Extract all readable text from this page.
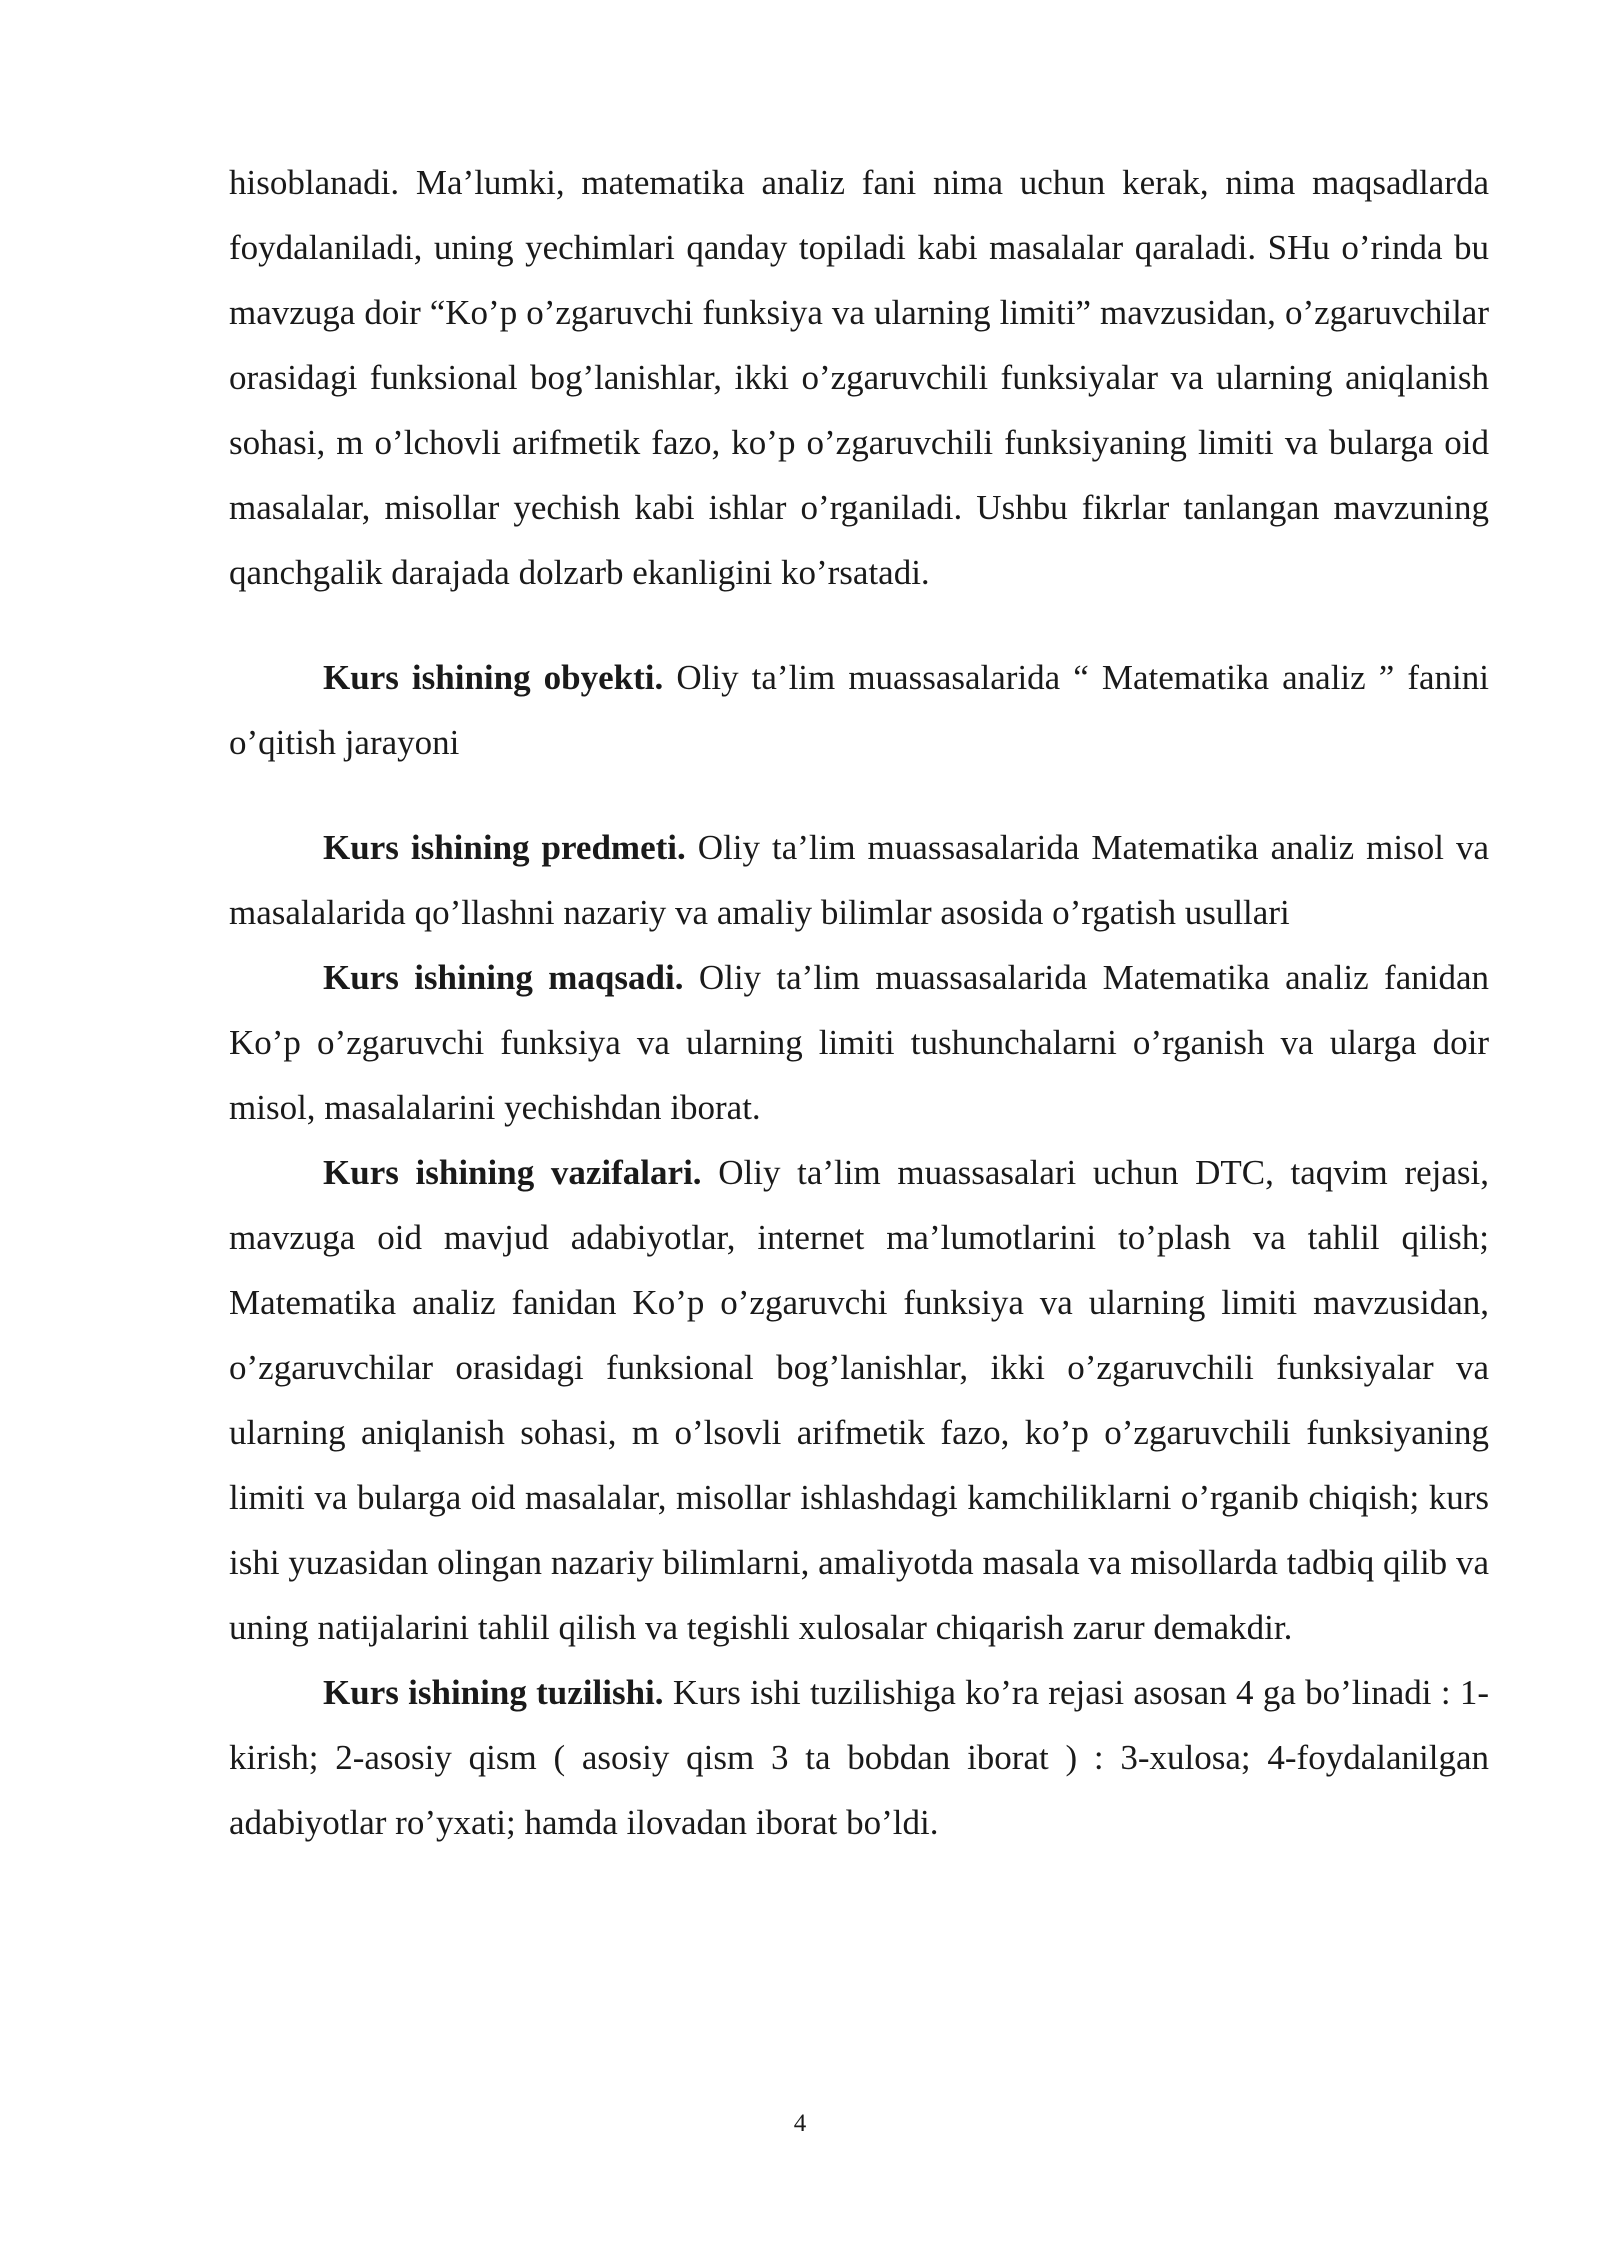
hisoblanadi. Ma’lumki, matematika analiz fani nima uchun kerak, nima maqsadlarda foydalaniladi, uning yechimlari qanday topiladi kabi masalalar qaraladi. SHu o’rinda bu mavzuga doir “Ko’p o’zgaruvchi funksiya va ularning limiti” mavzusidan, o’zgaruvchilar orasidagi funksional bog’lanishlar, ikki o’zgaruvchili funksiyalar va ularning aniqlanish sohasi, m o’lchovli arifmetik fazo, ko’p o’zgaruvchili funksiyaning limiti va bularga oid masalalar, misollar yechish kabi ishlar o’rganiladi. Ushbu fikrlar tanlangan mavzuning qanchgalik darajada dolzarb ekanligini ko’rsatadi.

Kurs ishining obyekti. Oliy ta’lim muassasalarida “ Matematika analiz ” fanini o’qitish jarayoni

Kurs ishining predmeti. Oliy ta’lim muassasalarida Matematika analiz misol va masalalarida qo’llashni nazariy va amaliy bilimlar asosida o’rgatish usullari

Kurs ishining maqsadi. Oliy ta’lim muassasalarida Matematika analiz fanidan Ko’p o’zgaruvchi funksiya va ularning limiti tushunchalarni o’rganish va ularga doir misol, masalalarini yechishdan iborat.

Kurs ishining vazifalari. Oliy ta’lim muassasalari uchun DTC, taqvim rejasi, mavzuga oid mavjud adabiyotlar, internet ma’lumotlarini to’plash va tahlil qilish; Matematika analiz fanidan Ko’p o’zgaruvchi funksiya va ularning limiti mavzusidan, o’zgaruvchilar orasidagi funksional bog’lanishlar, ikki o’zgaruvchili funksiyalar va ularning aniqlanish sohasi, m o’lsovli arifmetik fazo, ko’p o’zgaruvchili funksiyaning limiti va bularga oid masalalar, misollar ishlashdagi kamchiliklarni o’rganib chiqish; kurs ishi yuzasidan olingan nazariy bilimlarni, amaliyotda masala va misollarda tadbiq qilib va uning natijalarini tahlil qilish va tegishli xulosalar chiqarish zarur demakdir.

Kurs ishining tuzilishi. Kurs ishi tuzilishiga ko’ra rejasi asosan 4 ga bo’linadi : 1-kirish; 2-asosiy qism ( asosiy qism 3 ta bobdan iborat ) : 3-xulosa; 4-foydalanilgan adabiyotlar ro’yxati; hamda ilovadan iborat bo’ldi.

4
